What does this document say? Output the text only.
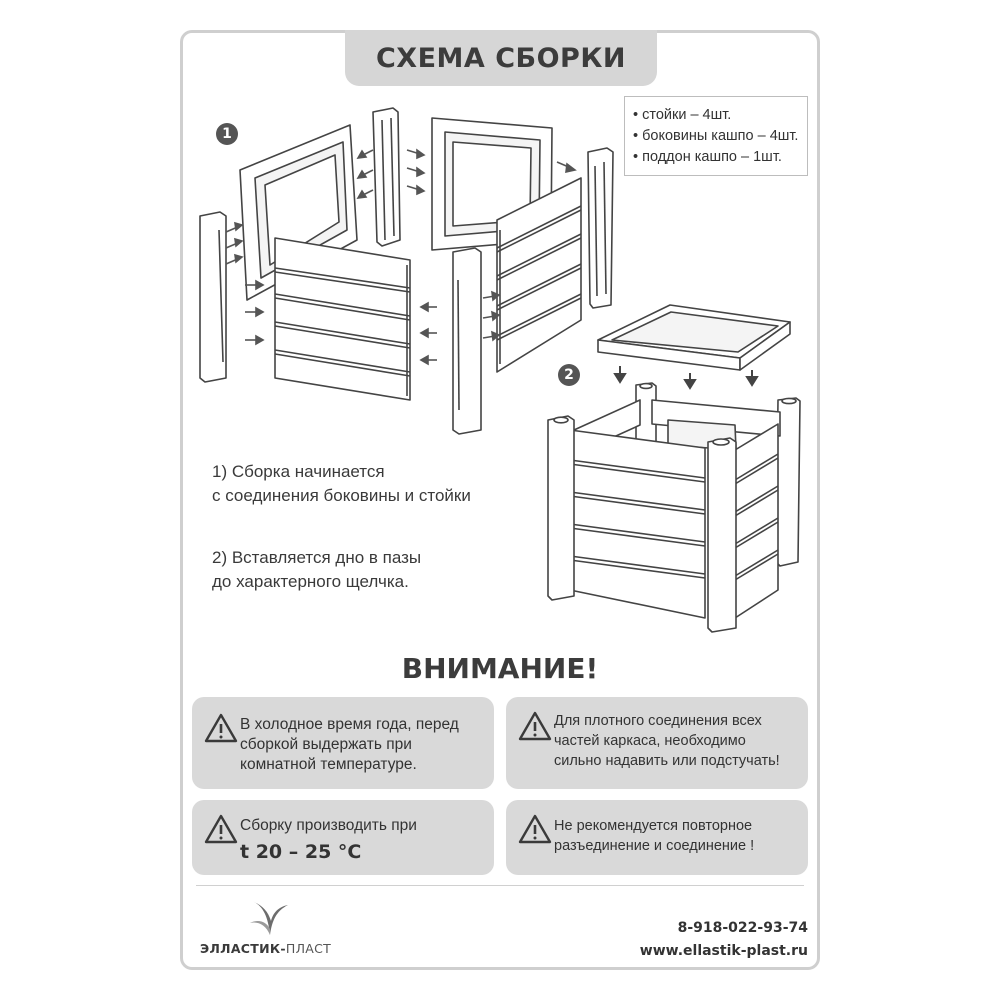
СХЕМА СБОРКИ
• стойки – 4шт.
• боковины кашпо – 4шт.
• поддон кашпо – 1шт.
1
2
1) Сборка начинается
с соединения боковины и стойки
2) Вставляется дно в пазы
до характерного щелчка.
ВНИМАНИЕ!
В холодное время года, перед
сборкой выдержать при
комнатной температуре.
Для плотного соединения всех
частей каркаса, необходимо
сильно надавить или подстучать!
Сборку производить при
t 20 – 25 °C
Не рекомендуется повторное
разъединение и соединение !
ЭЛЛАСТИК-ПЛАСТ
8-918-022-93-74
www.ellastik-plast.ru
